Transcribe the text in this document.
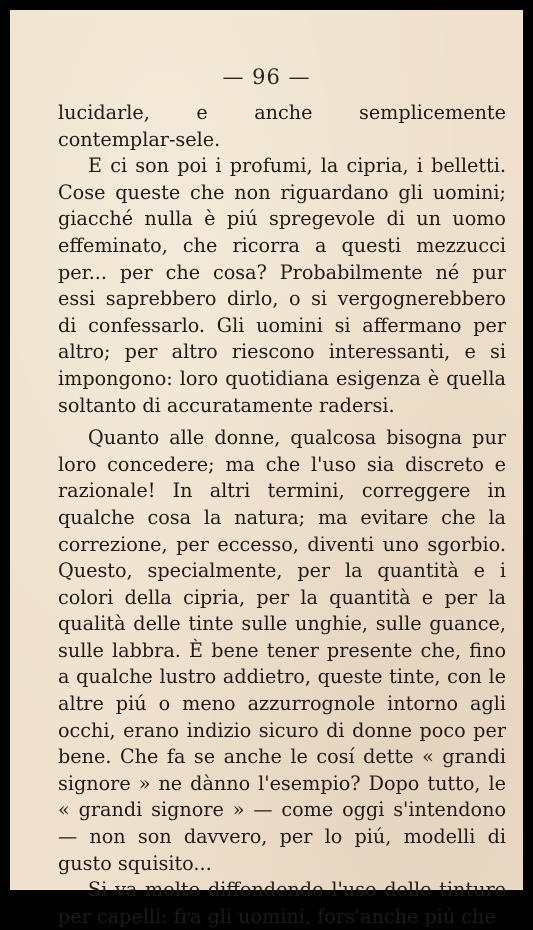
— 96 —

lucidarle, e anche semplicemente contemplar-sele.

E ci son poi i profumi, la cipria, i belletti. Cose queste che non riguardano gli uomini; giacché nulla è piú spregevole di un uomo effeminato, che ricorra a questi mezzucci per... per che cosa? Probabilmente né pur essi saprebbero dirlo, o si vergognerebbero di confessarlo. Gli uomini si affermano per altro; per altro riescono interessanti, e si impongono: loro quotidiana esigenza è quella soltanto di accuratamente radersi.

Quanto alle donne, qualcosa bisogna pur loro concedere; ma che l'uso sia discreto e razionale! In altri termini, correggere in qualche cosa la natura; ma evitare che la correzione, per eccesso, diventi uno sgorbio. Questo, specialmente, per la quantità e i colori della cipria, per la quantità e per la qualità delle tinte sulle unghie, sulle guance, sulle labbra. È bene tener presente che, fino a qualche lustro addietro, queste tinte, con le altre piú o meno azzurrognole intorno agli occhi, erano indizio sicuro di donne poco per bene. Che fa se anche le cosí dette « grandi signore » ne dànno l'esempio? Dopo tutto, le « grandi signore » — come oggi s'intendono — non son davvero, per lo piú, modelli di gusto squisito...

Si va molto diffondendo l'uso delle tinture per capelli: fra gli uomini, fors'anche piú che
